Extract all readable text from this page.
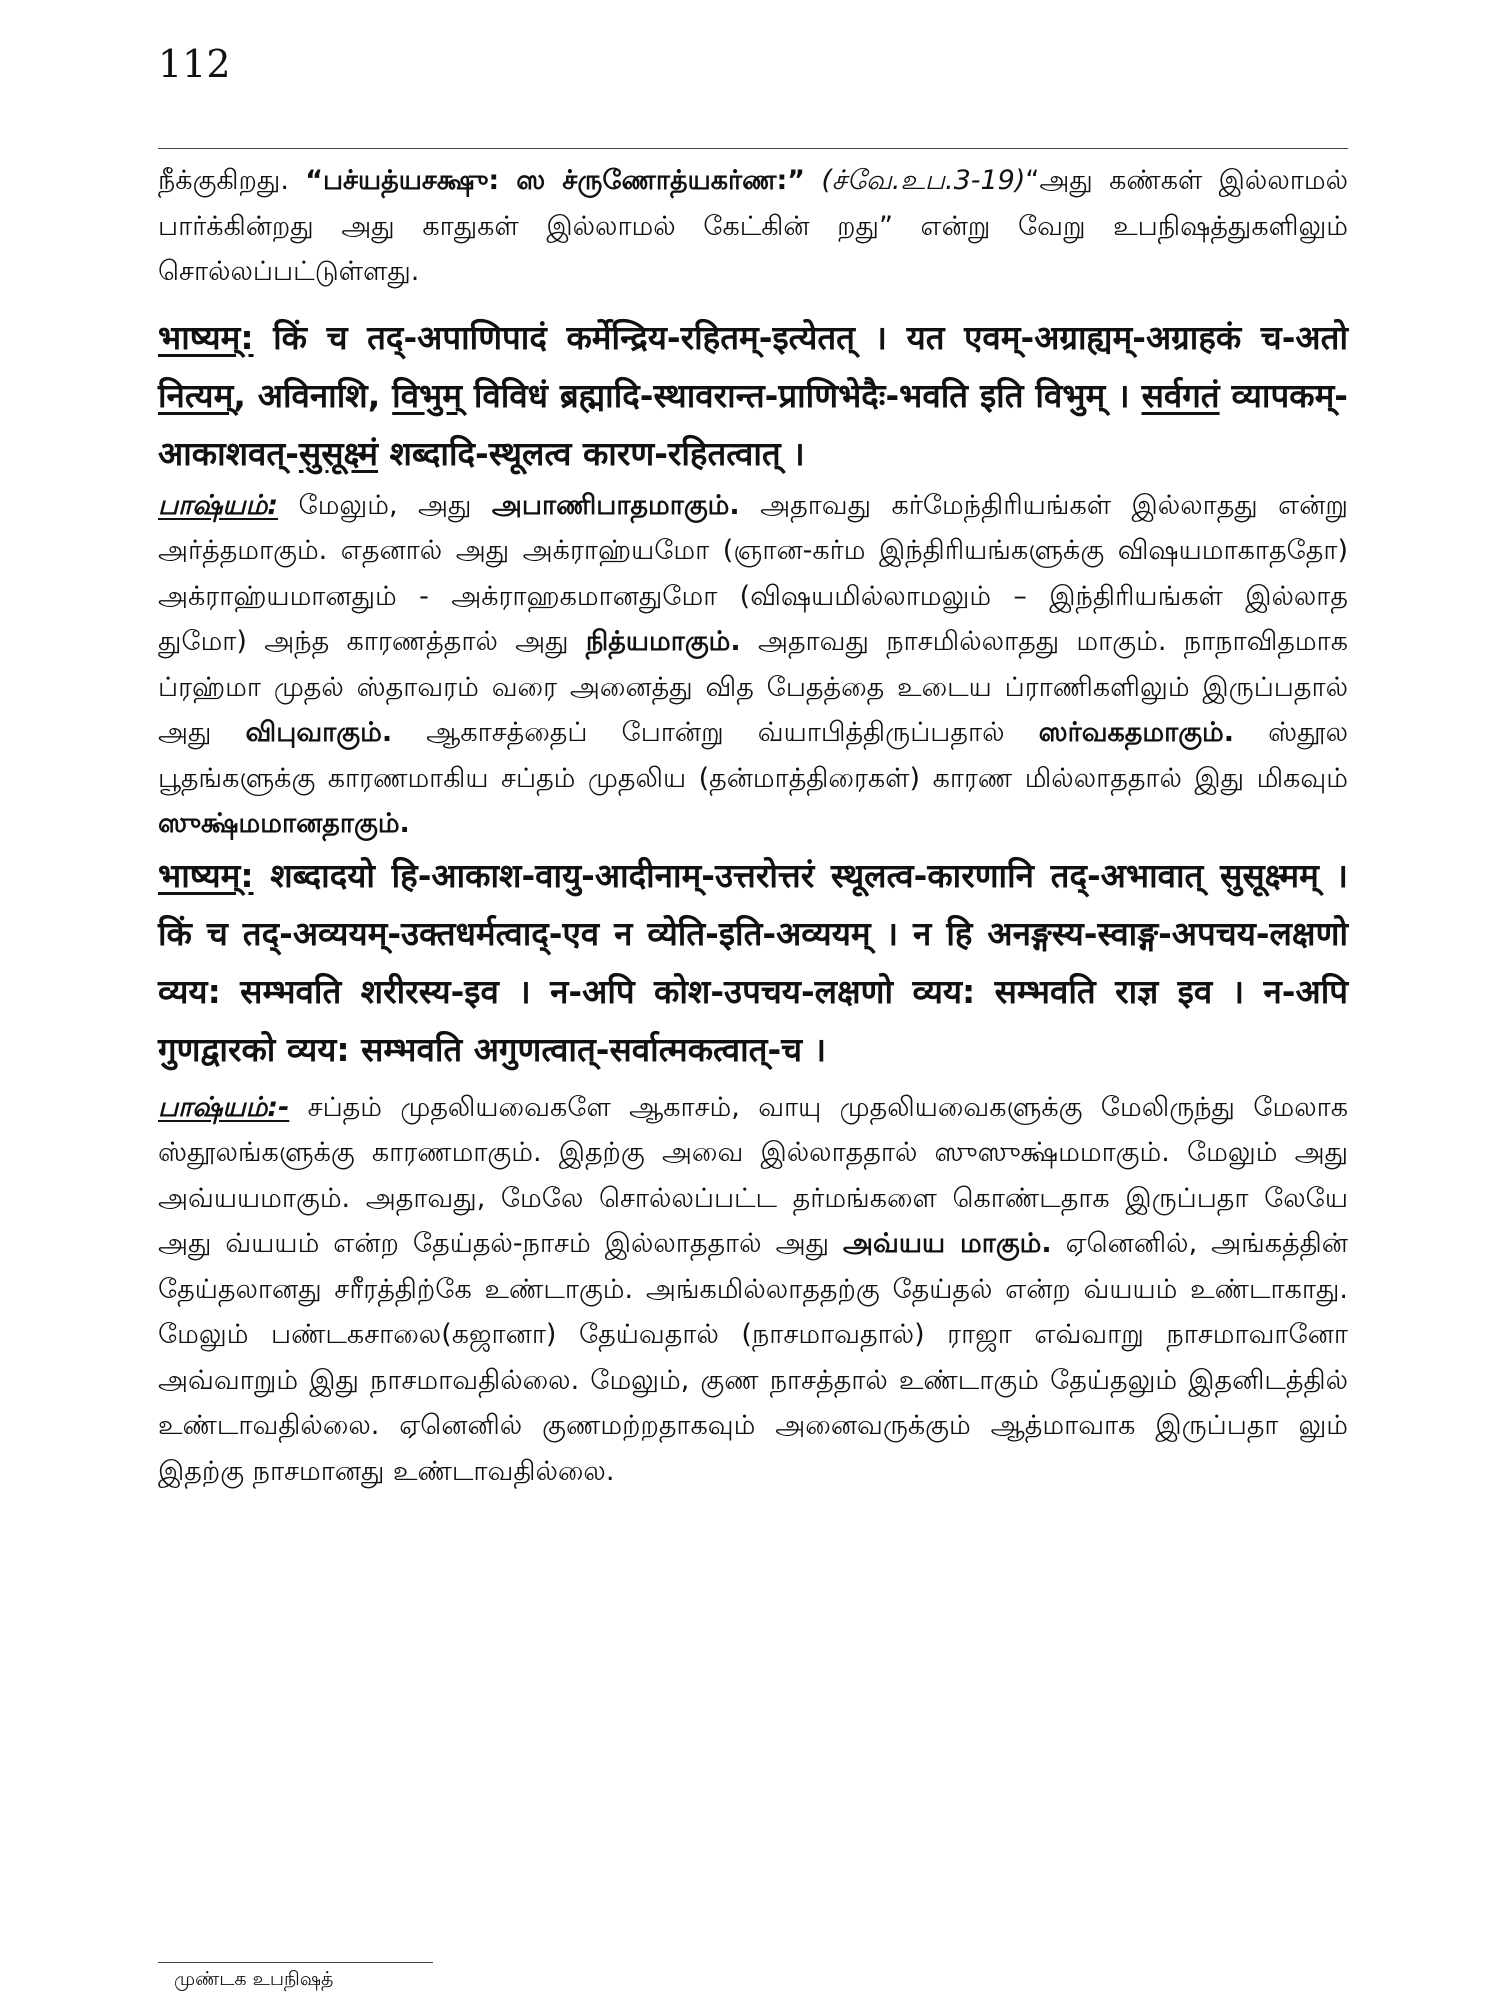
112

நீக்குகிறது. “பச்யத்யசக்ஷு: ஸ ச்ருணோத்யகர்ண:” (ச்வே.உப.3-19)“அது கண்கள் இல்லாமல் பார்க்கின்றது அது காதுகள் இல்லாமல் கேட்கின் றது” என்று வேறு உபநிஷத்துகளிலும் சொல்லப்பட்டுள்ளது.

भाष्यम्: किं च तद्-अपाणिपादं कर्मेन्द्रिय-रहितम्-इत्येतत् । यत एवम्-अग्राह्यम्-अग्राहकं च-अतो नित्यम्, अविनाशि, विभुम् विविधं ब्रह्मादि-स्थावरान्त-प्राणिभेदैः-भवति इति विभुम् । सर्वगतं व्यापकम्-आकाशवत्-सुसूक्ष्मं शब्दादि-स्थूलत्व कारण-रहितत्वात् ।

பாஷ்யம்: மேலும், அது அபாணிபாதமாகும். அதாவது கர்மேந்திரியங்கள் இல்லாதது என்று அர்த்தமாகும். எதனால் அது அக்ராஹ்யமோ (ஞான-கர்ம இந்திரியங்களுக்கு விஷயமாகாததோ) அக்ராஹ்யமானதும் - அக்ராஹகமானதுமோ (விஷயமில்லாமலும் – இந்திரியங்கள் இல்லாத துமோ) அந்த காரணத்தால் அது நித்யமாகும். அதாவது நாசமில்லாதது மாகும். நாநாவிதமாக ப்ரஹ்மா முதல் ஸ்தாவரம் வரை அனைத்து வித பேதத்தை உடைய ப்ராணிகளிலும் இருப்பதால் அது விபுவாகும். ஆகாசத்தைப் போன்று வ்யாபித்திருப்பதால் ஸர்வகதமாகும். ஸ்தூல பூதங்களுக்கு காரணமாகிய சப்தம் முதலிய (தன்மாத்திரைகள்) காரண மில்லாததால் இது மிகவும் ஸுக்ஷ்மமானதாகும்.

भाष्यम्: शब्दादयो हि-आकाश-वायु-आदीनाम्-उत्तरोत्तरं स्थूलत्व-कारणानि तद्-अभावात् सुसूक्ष्मम् । किं च तद्-अव्ययम्-उक्तधर्मत्वाद्-एव न व्येति-इति-अव्ययम् । न हि अनङ्गस्य-स्वाङ्ग-अपचय-लक्षणो व्यय: सम्भवति शरीरस्य-इव । न-अपि कोश-उपचय-लक्षणो व्यय: सम्भवति राज्ञ इव । न-अपि गुणद्वारको व्यय: सम्भवति अगुणत्वात्-सर्वात्मकत्वात्-च ।

பாஷ்யம்:- சப்தம் முதலியவைகளே ஆகாசம், வாயு முதலியவைகளுக்கு மேலிருந்து மேலாக ஸ்தூலங்களுக்கு காரணமாகும். இதற்கு அவை இல்லாததால் ஸுஸுக்ஷ்மமாகும். மேலும் அது அவ்யயமாகும். அதாவது, மேலே சொல்லப்பட்ட தர்மங்களை கொண்டதாக இருப்பதா லேயே அது வ்யயம் என்ற தேய்தல்-நாசம் இல்லாததால் அது அவ்யய மாகும். ஏனெனில், அங்கத்தின் தேய்தலானது சரீரத்திற்கே உண்டாகும். அங்கமில்லாததற்கு தேய்தல் என்ற வ்யயம் உண்டாகாது. மேலும் பண்டகசாலை(கஜானா) தேய்வதால் (நாசமாவதால்) ராஜா எவ்வாறு நாசமாவானோ அவ்வாறும் இது நாசமாவதில்லை. மேலும், குண நாசத்தால் உண்டாகும் தேய்தலும் இதனிடத்தில் உண்டாவதில்லை. ஏனெனில் குணமற்றதாகவும் அனைவருக்கும் ஆத்மாவாக இருப்பதா லும் இதற்கு நாசமானது உண்டாவதில்லை.

முண்டக உபநிஷத்
